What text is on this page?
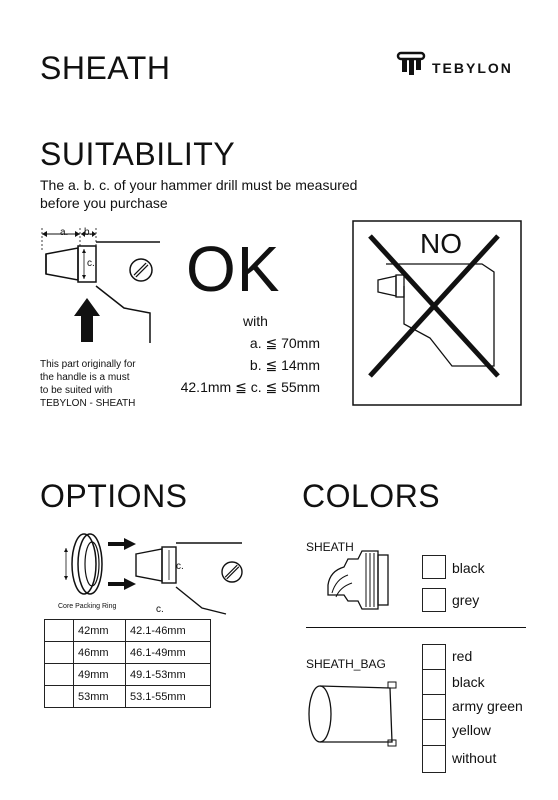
SHEATH	TEBYLON
SUITABILITY
The a. b. c. of your hammer drill must be measured
before you purchase
a. b.
c.
This part originally for
the handle is a must
to be suited with
TEBYLON - SHEATH
OK
with
a. ≦ 70mm
b. ≦ 14mm
42.1mm ≦ c. ≦ 55mm
NO
OPTIONS
c.
Core Packing Ring	c.
	42mm	42.1-46mm
	46mm	46.1-49mm
	49mm	49.1-53mm
	53mm	53.1-55mm
COLORS
SHEATH
black
grey
SHEATH_BAG	red
black
army green
yellow
without
